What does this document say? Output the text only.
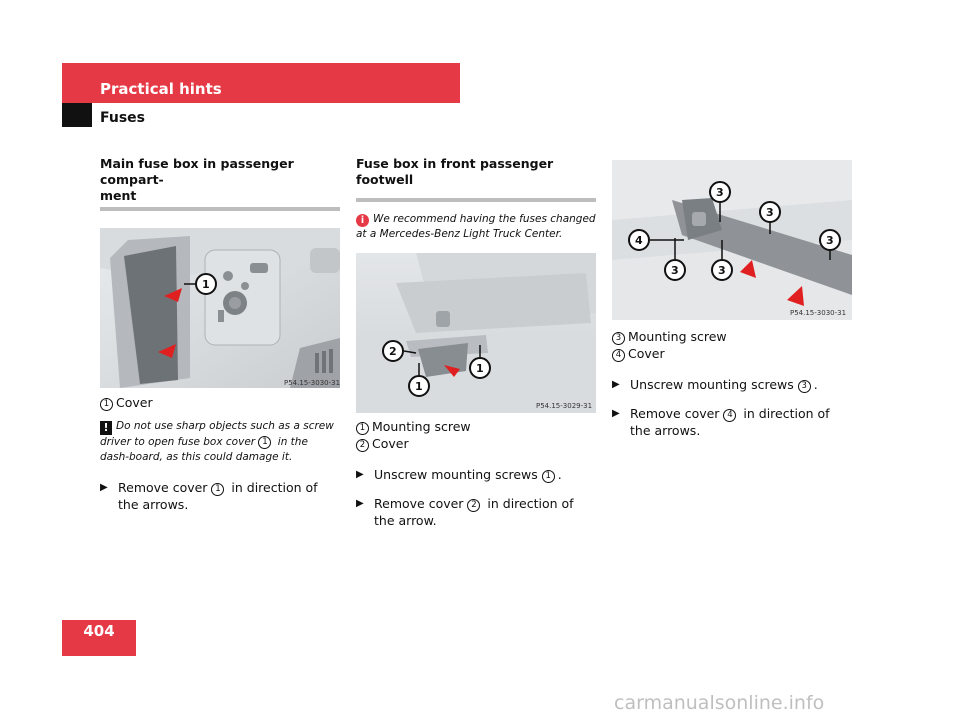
Practical hints
Fuses
Main fuse box in passenger compart-
ment
1
P54.15-3030-31
1 Cover
! Do not use sharp objects such as a screw driver to open fuse box cover 1 in the dash-board, as this could damage it.
▶ Remove cover 1 in direction of the arrows.
Fuse box in front passenger footwell
i We recommend having the fuses changed at a Mercedes-Benz Light Truck Center.
2
1
1
P54.15-3029-31
1 Mounting screw
2 Cover
▶ Unscrew mounting screws 1 .
▶ Remove cover 2 in direction of the arrow.
4
3
3
3
3	3
P54.15-3030-31
3 Mounting screw
4 Cover
▶ Unscrew mounting screws 3 .
▶ Remove cover 4 in direction of the arrows.
404
carmanualsonline.info
